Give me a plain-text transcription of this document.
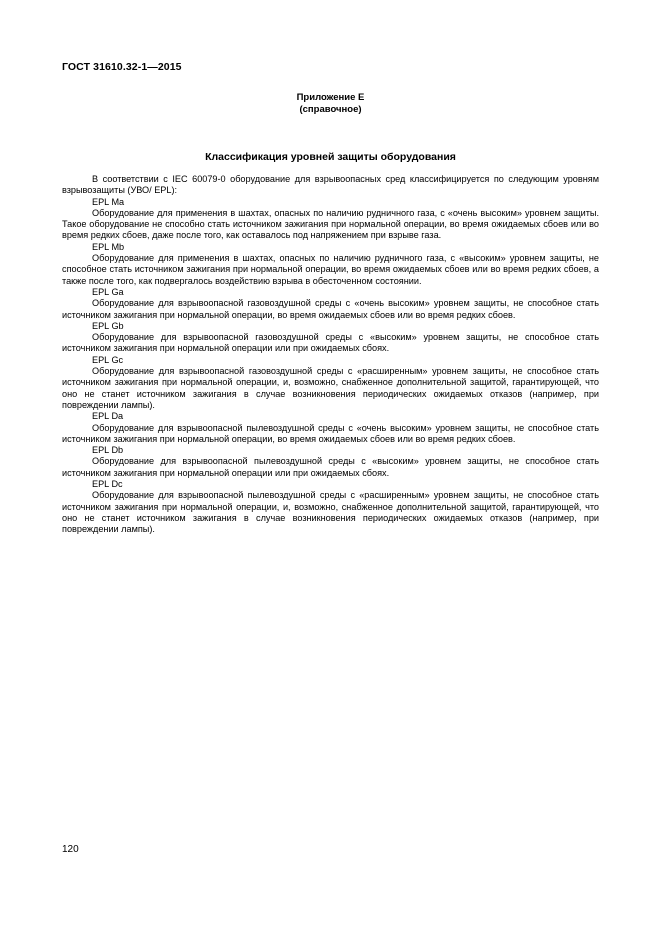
ГОСТ 31610.32-1—2015
Приложение Е
(справочное)
Классификация уровней защиты оборудования

В соответствии с IEC 60079-0 оборудование для взрывоопасных сред классифицируется по следующим уровням взрывозащиты (УВО/ EPL):

EPL Ma

Оборудование для применения в шахтах, опасных по наличию рудничного газа, с «очень высоким» уровнем защиты. Такое оборудование не способно стать источником зажигания при нормальной операции, во время ожидаемых сбоев или во время редких сбоев, даже после того, как оставалось под напряжением при взрыве газа.

EPL Mb

Оборудование для применения в шахтах, опасных по наличию рудничного газа, с «высоким» уровнем защиты, не способное стать источником зажигания при нормальной операции, во время ожидаемых сбоев или во время редких сбоев, а также после того, как подвергалось воздействию взрыва в обесточенном состоянии.

EPL Ga

Оборудование для взрывоопасной газовоздушной среды с «очень высоким» уровнем защиты, не способное стать источником зажигания при нормальной операции, во время ожидаемых сбоев или во время редких сбоев.

EPL Gb

Оборудование для взрывоопасной газовоздушной среды с «высоким» уровнем защиты, не способное стать источником зажигания при нормальной операции или при ожидаемых сбоях.

EPL Gc

Оборудование для взрывоопасной газовоздушной среды с «расширенным» уровнем защиты, не способное стать источником зажигания при нормальной операции, и, возможно, снабженное дополнительной защитой, гарантирующей, что оно не станет источником зажигания в случае возникновения периодических ожидаемых отказов (например, при повреждении лампы).

EPL Da

Оборудование для взрывоопасной пылевоздушной среды с «очень высоким» уровнем защиты, не способное стать источником зажигания при нормальной операции, во время ожидаемых сбоев или во время редких сбоев.

EPL Db

Оборудование для взрывоопасной пылевоздушной среды с «высоким» уровнем защиты, не способное стать источником зажигания при нормальной операции или при ожидаемых сбоях.

EPL Dc

Оборудование для взрывоопасной пылевоздушной среды с «расширенным» уровнем защиты, не способное стать источником зажигания при нормальной операции, и, возможно, снабженное дополнительной защитой, гарантирующей, что оно не станет источником зажигания в случае возникновения периодических ожидаемых отказов (например, при повреждении лампы).

120
